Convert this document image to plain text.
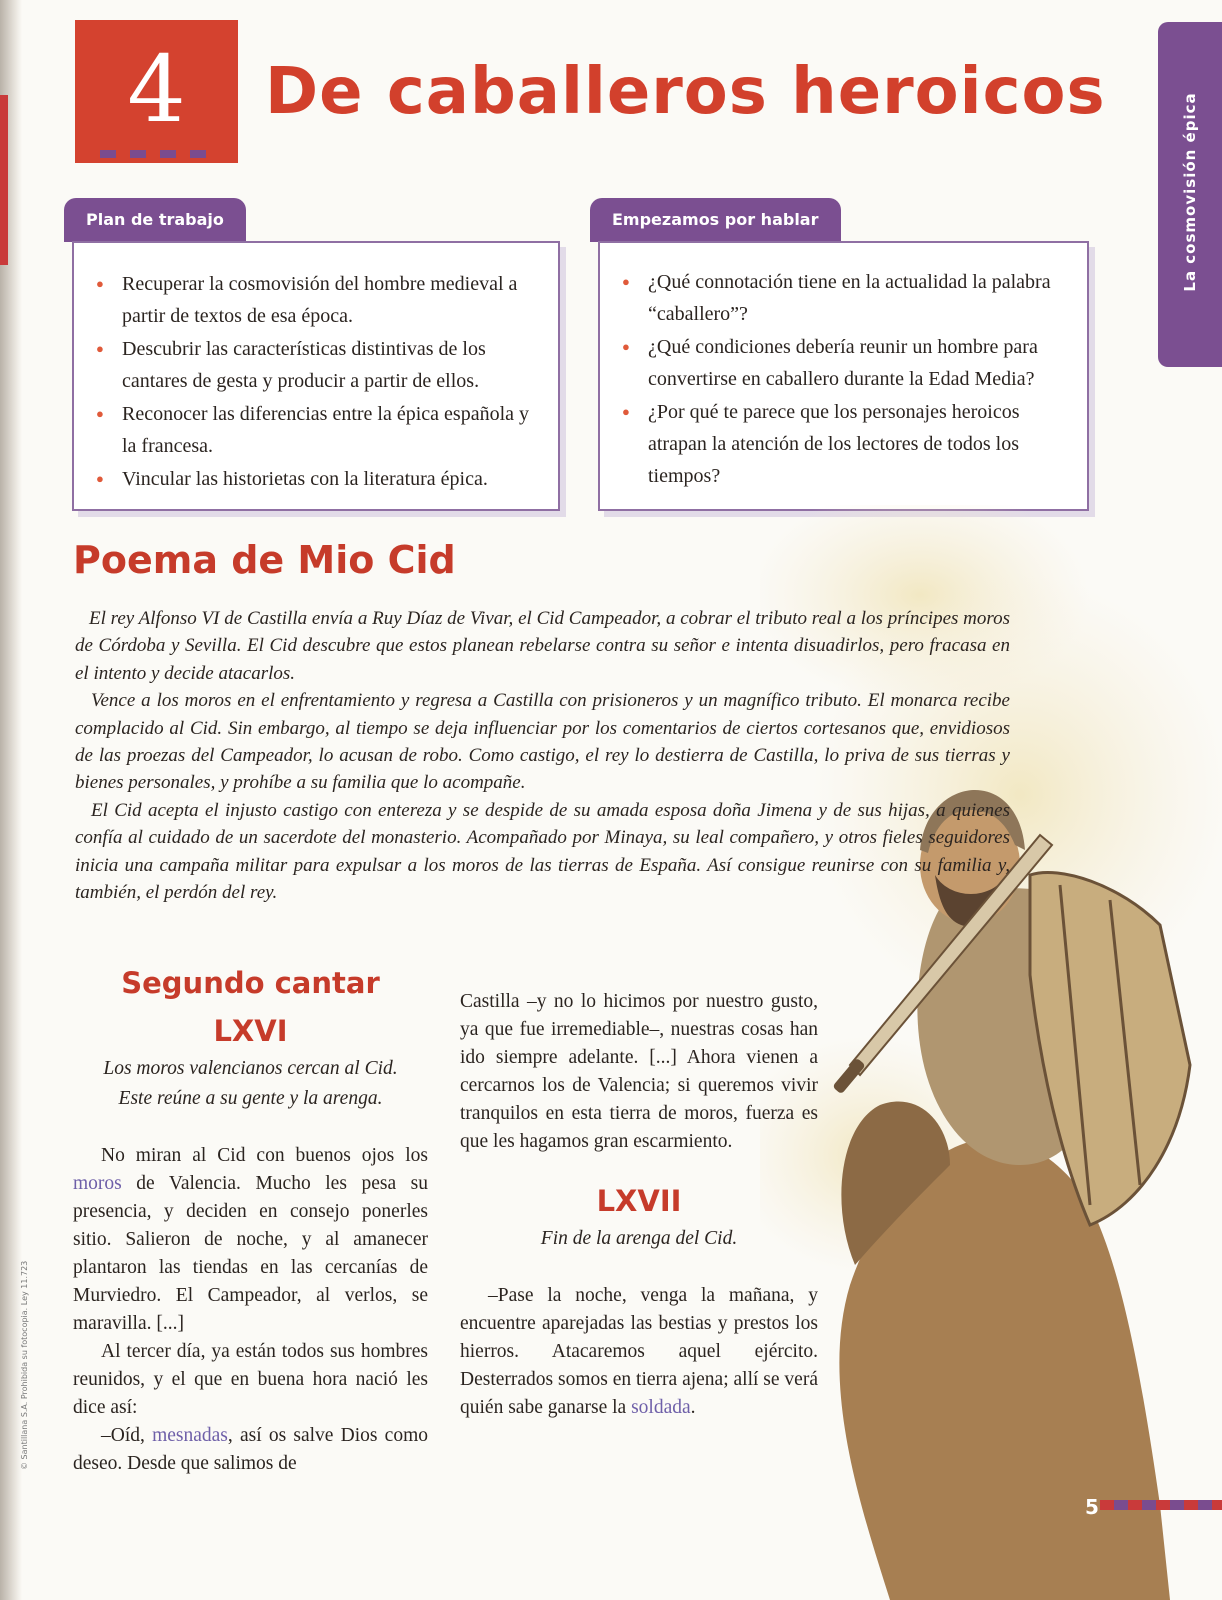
4	De caballeros heroicos
La cosmovisión épica
Plan de trabajo
● Recuperar la cosmovisión del hombre medieval a partir de textos de esa época.
● Descubrir las características distintivas de los cantares de gesta y producir a partir de ellos.
● Reconocer las diferencias entre la épica española y la francesa.
● Vincular las historietas con la literatura épica.
Empezamos por hablar
● ¿Qué connotación tiene en la actualidad la palabra “caballero”?
● ¿Qué condiciones debería reunir un hombre para convertirse en caballero durante la Edad Media?
● ¿Por qué te parece que los personajes heroicos atrapan la atención de los lectores de todos los tiempos?
Poema de Mio Cid

El rey Alfonso VI de Castilla envía a Ruy Díaz de Vivar, el Cid Campeador, a cobrar el tributo real a los príncipes moros de Córdoba y Sevilla. El Cid descubre que estos planean rebelarse contra su señor e intenta disuadirlos, pero fracasa en el intento y decide atacarlos.

Vence a los moros en el enfrentamiento y regresa a Castilla con prisioneros y un magnífico tributo. El monarca recibe complacido al Cid. Sin embargo, al tiempo se deja influenciar por los comentarios de ciertos cortesanos que, envidiosos de las proezas del Campeador, lo acusan de robo. Como castigo, el rey lo destierra de Castilla, lo priva de sus tierras y bienes personales, y prohíbe a su familia que lo acompañe.

El Cid acepta el injusto castigo con entereza y se despide de su amada esposa doña Jimena y de sus hijas, a quienes confía al cuidado de un sacerdote del monasterio. Acompañado por Minaya, su leal compañero, y otros fieles seguidores inicia una campaña militar para expulsar a los moros de las tierras de España. Así consigue reunirse con su familia y, también, el perdón del rey.

Segundo cantar
LXVI
Los moros valencianos cercan al Cid.
Este reúne a su gente y la arenga.

No miran al Cid con buenos ojos los moros de Valencia. Mucho les pesa su presencia, y deciden en consejo ponerles sitio. Salieron de noche, y al amanecer plantaron las tiendas en las cercanías de Murviedro. El Campeador, al verlos, se maravilla. [...]

Al tercer día, ya están todos sus hombres reunidos, y el que en buena hora nació les dice así:

–Oíd, mesnadas, así os salve Dios como deseo. Desde que salimos de

Castilla –y no lo hicimos por nuestro gusto, ya que fue irremediable–, nuestras cosas han ido siempre adelante. [...] Ahora vienen a cercarnos los de Valencia; si queremos vivir tranquilos en esta tierra de moros, fuerza es que les hagamos gran escarmiento.

LXVII
Fin de la arenga del Cid.

–Pase la noche, venga la mañana, y encuentre aparejadas las bestias y prestos los hierros. Atacaremos aquel ejército. Desterrados somos en tierra ajena; allí se verá quién sabe ganarse la soldada.

5
© Santillana S.A. Prohibida su fotocopia. Ley 11.723
